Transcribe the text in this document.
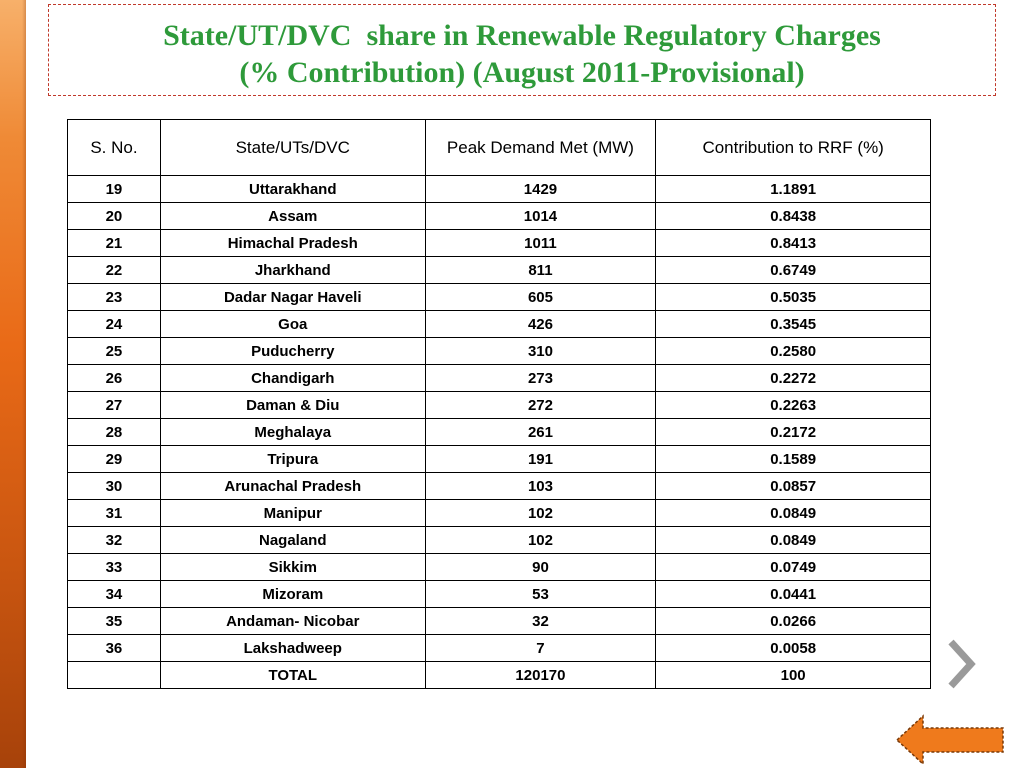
State/UT/DVC  share in Renewable Regulatory Charges
(% Contribution) (August 2011-Provisional)
S. No.	State/UTs/DVC	Peak Demand Met (MW)	Contribution to RRF (%)
19	Uttarakhand	1429	1.1891
20	Assam	1014	0.8438
21	Himachal Pradesh	1011	0.8413
22	Jharkhand	811	0.6749
23	Dadar Nagar Haveli	605	0.5035
24	Goa	426	0.3545
25	Puducherry	310	0.2580
26	Chandigarh	273	0.2272
27	Daman & Diu	272	0.2263
28	Meghalaya	261	0.2172
29	Tripura	191	0.1589
30	Arunachal Pradesh	103	0.0857
31	Manipur	102	0.0849
32	Nagaland	102	0.0849
33	Sikkim	90	0.0749
34	Mizoram	53	0.0441
35	Andaman- Nicobar	32	0.0266
36	Lakshadweep	7	0.0058
	TOTAL	120170	100
